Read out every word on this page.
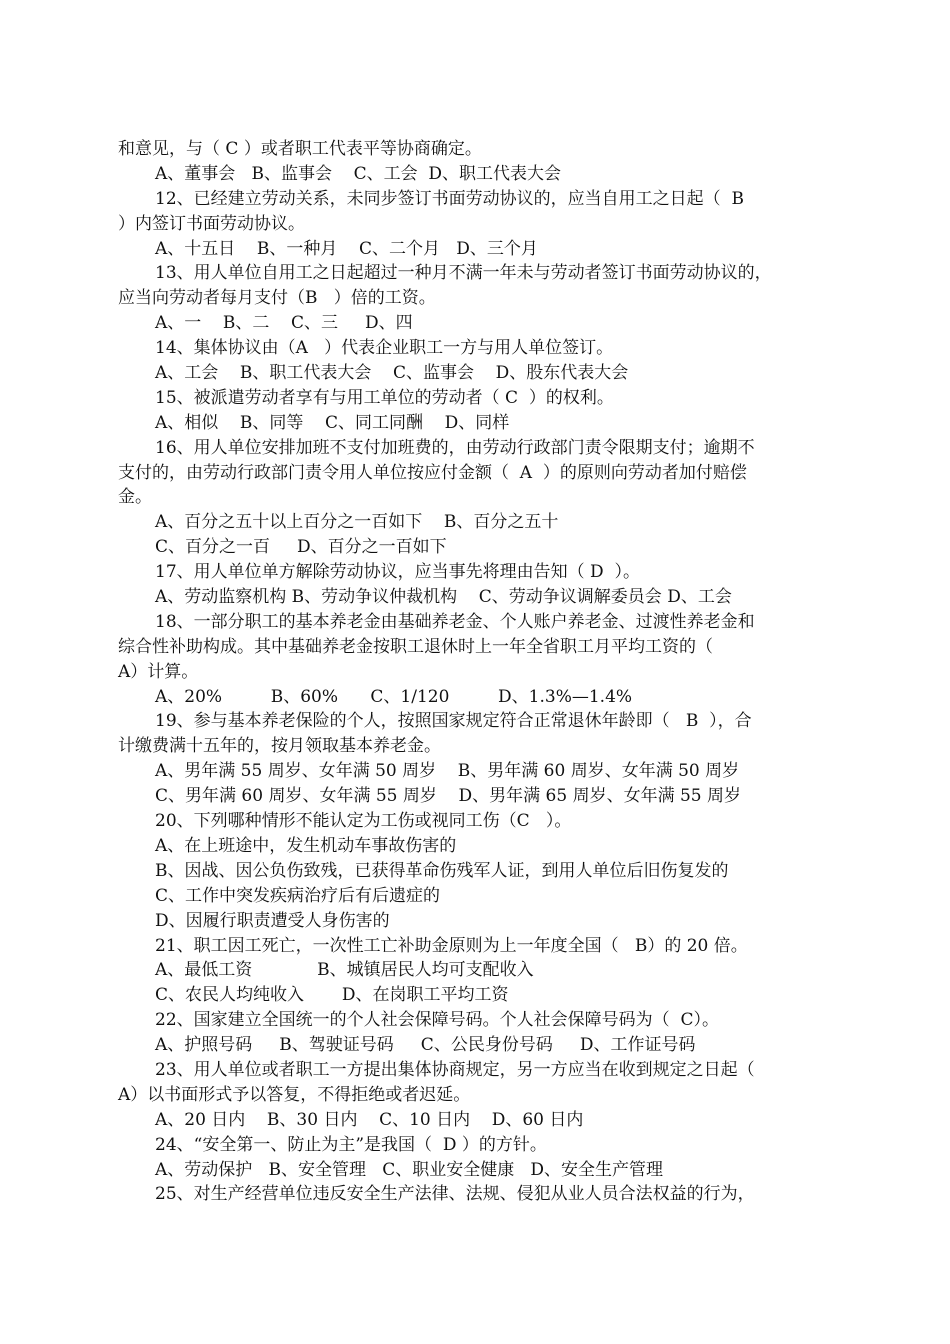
和意见，与（ C ）或者职工代表平等协商确定。
A、董事会   B、监事会    C、工会  D、职工代表大会
12、已经建立劳动关系，未同步签订书面劳动协议的，应当自用工之日起（  B
）内签订书面劳动协议。
A、十五日    B、一种月    C、二个月   D、三个月
13、用人单位自用工之日起超过一种月不满一年未与劳动者签订书面劳动协议的，
应当向劳动者每月支付（B   ）倍的工资。
A、一    B、二    C、三     D、四
14、集体协议由（A   ）代表企业职工一方与用人单位签订。
A、工会    B、职工代表大会    C、监事会    D、股东代表大会
15、被派遣劳动者享有与用工单位的劳动者（ C  ）的权利。
A、相似    B、同等    C、同工同酬    D、同样
16、用人单位安排加班不支付加班费的，由劳动行政部门责令限期支付；逾期不
支付的，由劳动行政部门责令用人单位按应付金额（  A  ）的原则向劳动者加付赔偿
金。
A、百分之五十以上百分之一百如下    B、百分之五十
C、百分之一百     D、百分之一百如下
17、用人单位单方解除劳动协议，应当事先将理由告知（ D  ）。
A、劳动监察机构 B、劳动争议仲裁机构    C、劳动争议调解委员会 D、工会
18、一部分职工的基本养老金由基础养老金、个人账户养老金、过渡性养老金和
综合性补助构成。其中基础养老金按职工退休时上一年全省职工月平均工资的（
A）计算。
A、20%         B、60%      C、1/120         D、1.3%—1.4%
19、参与基本养老保险的个人，按照国家规定符合正常退休年龄即（   B  ），合
计缴费满十五年的，按月领取基本养老金。
A、男年满 55 周岁、女年满 50 周岁    B、男年满 60 周岁、女年满 50 周岁
C、男年满 60 周岁、女年满 55 周岁    D、男年满 65 周岁、女年满 55 周岁
20、下列哪种情形不能认定为工伤或视同工伤（C   ）。
A、在上班途中，发生机动车事故伤害的
B、因战、因公负伤致残，已获得革命伤残军人证，到用人单位后旧伤复发的
C、工作中突发疾病治疗后有后遗症的
D、因履行职责遭受人身伤害的
21、职工因工死亡，一次性工亡补助金原则为上一年度全国（   B）的 20 倍。
A、最低工资            B、城镇居民人均可支配收入
C、农民人均纯收入       D、在岗职工平均工资
22、国家建立全国统一的个人社会保障号码。个人社会保障号码为（  C）。
A、护照号码     B、驾驶证号码     C、公民身份号码     D、工作证号码
23、用人单位或者职工一方提出集体协商规定，另一方应当在收到规定之日起（
A）以书面形式予以答复，不得拒绝或者迟延。
A、20 日内    B、30 日内    C、10 日内    D、60 日内
24、“安全第一、防止为主”是我国（  D ）的方针。
A、劳动保护   B、安全管理   C、职业安全健康   D、安全生产管理
25、对生产经营单位违反安全生产法律、法规、侵犯从业人员合法权益的行为，
